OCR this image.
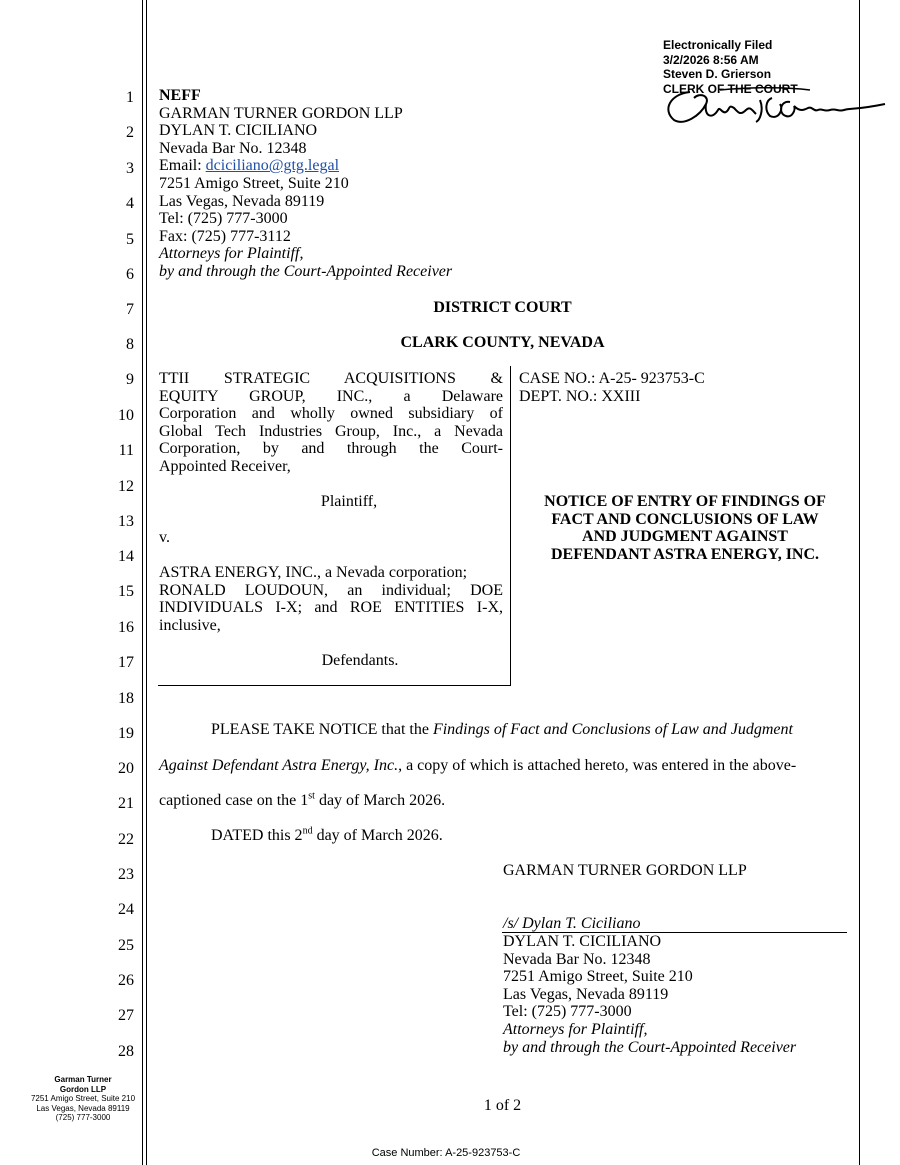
Electronically Filed
3/2/2026 8:56 AM
Steven D. Grierson
CLERK OF THE COURT
1
2
3
4
5
6
7
8
9
10
11
12
13
14
15
16
17
18
19
20
21
22
23
24
25
26
27
28
NEFF
GARMAN TURNER GORDON LLP
DYLAN T. CICILIANO
Nevada Bar No. 12348
Email: dciciliano@gtg.legal
7251 Amigo Street, Suite 210
Las Vegas, Nevada 89119
Tel: (725) 777-3000
Fax: (725) 777-3112
Attorneys for Plaintiff,
by and through the Court-Appointed Receiver
DISTRICT COURT
CLARK COUNTY, NEVADA
TTII STRATEGIC ACQUISITIONS &
EQUITY GROUP, INC., a Delaware
Corporation and wholly owned subsidiary of
Global Tech Industries Group, Inc., a Nevada
Corporation, by and through the Court-
Appointed Receiver,
Plaintiff,
v.
ASTRA ENERGY, INC., a Nevada corporation;
RONALD LOUDOUN, an individual; DOE
INDIVIDUALS I-X; and ROE ENTITIES I-X,
inclusive,
Defendants.
CASE NO.: A-25- 923753-C
DEPT. NO.: XXIII
NOTICE OF ENTRY OF FINDINGS OF
FACT AND CONCLUSIONS OF LAW
AND JUDGMENT AGAINST
DEFENDANT ASTRA ENERGY, INC.
PLEASE TAKE NOTICE that the Findings of Fact and Conclusions of Law and Judgment
Against Defendant Astra Energy, Inc., a copy of which is attached hereto, was entered in the above-
captioned case on the 1st day of March 2026.
DATED this 2nd day of March 2026.
GARMAN TURNER GORDON LLP
/s/ Dylan T. Ciciliano
DYLAN T. CICILIANO
Nevada Bar No. 12348
7251 Amigo Street, Suite 210
Las Vegas, Nevada 89119
Tel: (725) 777-3000
Attorneys for Plaintiff,
by and through the Court-Appointed Receiver
Garman Turner
Gordon LLP
7251 Amigo Street, Suite 210
Las Vegas, Nevada 89119
(725) 777-3000
1 of 2
Case Number: A-25-923753-C
